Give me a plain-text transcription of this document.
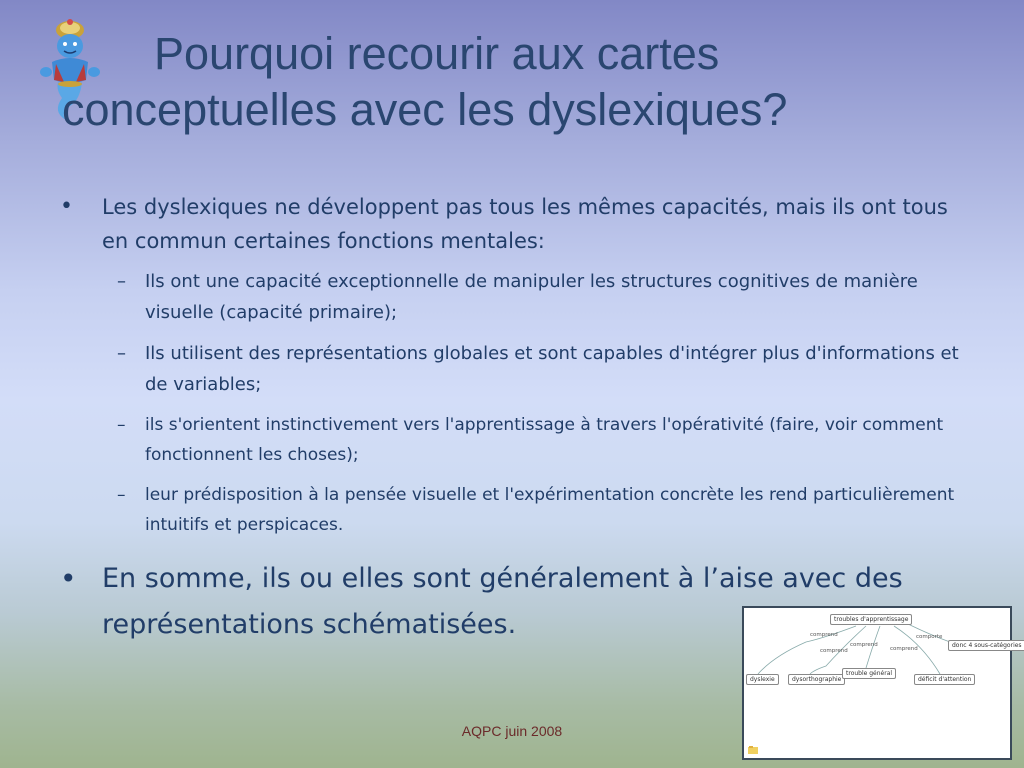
Pourquoi recourir aux cartes
conceptuelles avec les dyslexiques?
• Les dyslexiques ne développent pas tous les mêmes capacités, mais ils ont tous en commun certaines fonctions mentales:
– Ils ont une capacité exceptionnelle de manipuler les structures cognitives de manière visuelle (capacité primaire);
– Ils utilisent des représentations globales et sont capables d'intégrer plus d'informations et de variables;
– ils s'orientent instinctivement vers l'apprentissage à travers l'opérativité (faire, voir comment fonctionnent les choses);
– leur prédisposition à la pensée visuelle et l'expérimentation concrète les rend particulièrement intuitifs et perspicaces.
• En somme, ils ou elles sont généralement à l’aise avec des représentations schématisées.
AQPC juin 2008
troubles d'apprentissage
comprend
comprend
comprend
comprend
comporte
donc 4 sous-catégories
dyslexie	dysorthographie
trouble général
déficit d'attention
